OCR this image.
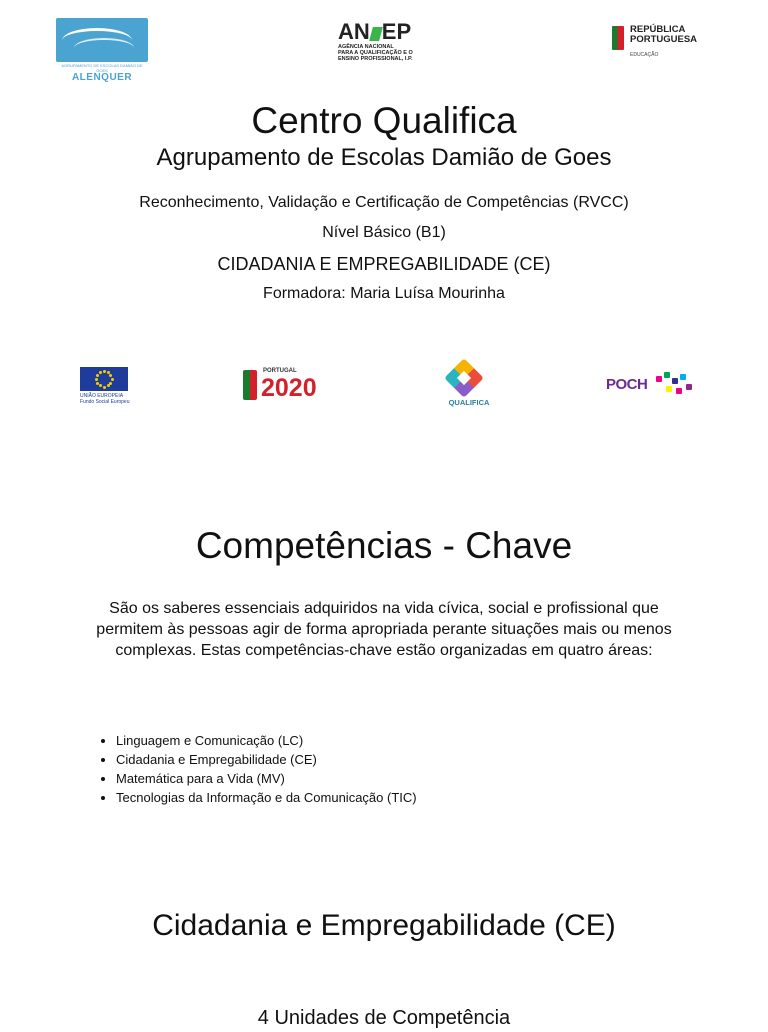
AGRUPAMENTO DE ESCOLAS DAMIÃO DE GOES
ALENQUER
AN EP
AGÊNCIA NACIONAL
PARA A QUALIFICAÇÃO E O
ENSINO PROFISSIONAL, I.P.
REPÚBLICA
PORTUGUESA
EDUCAÇÃO
Centro Qualifica
Agrupamento de Escolas Damião de Goes
Reconhecimento, Validação e Certificação de Competências (RVCC)
Nível Básico (B1)
CIDADANIA E EMPREGABILIDADE (CE)
Formadora: Maria Luísa Mourinha
UNIÃO EUROPEIA
Fundo Social Europeu
PORTUGAL
2020
QUALIFICA
POCH
Competências - Chave
São os saberes essenciais adquiridos na vida cívica, social e profissional que permitem às pessoas agir de forma apropriada perante situações mais ou menos complexas. Estas competências-chave estão organizadas em quatro áreas:
• Linguagem e Comunicação (LC)
• Cidadania e Empregabilidade (CE)
• Matemática para a Vida (MV)
• Tecnologias da Informação e da Comunicação (TIC)
Cidadania e Empregabilidade (CE)
4 Unidades de Competência
